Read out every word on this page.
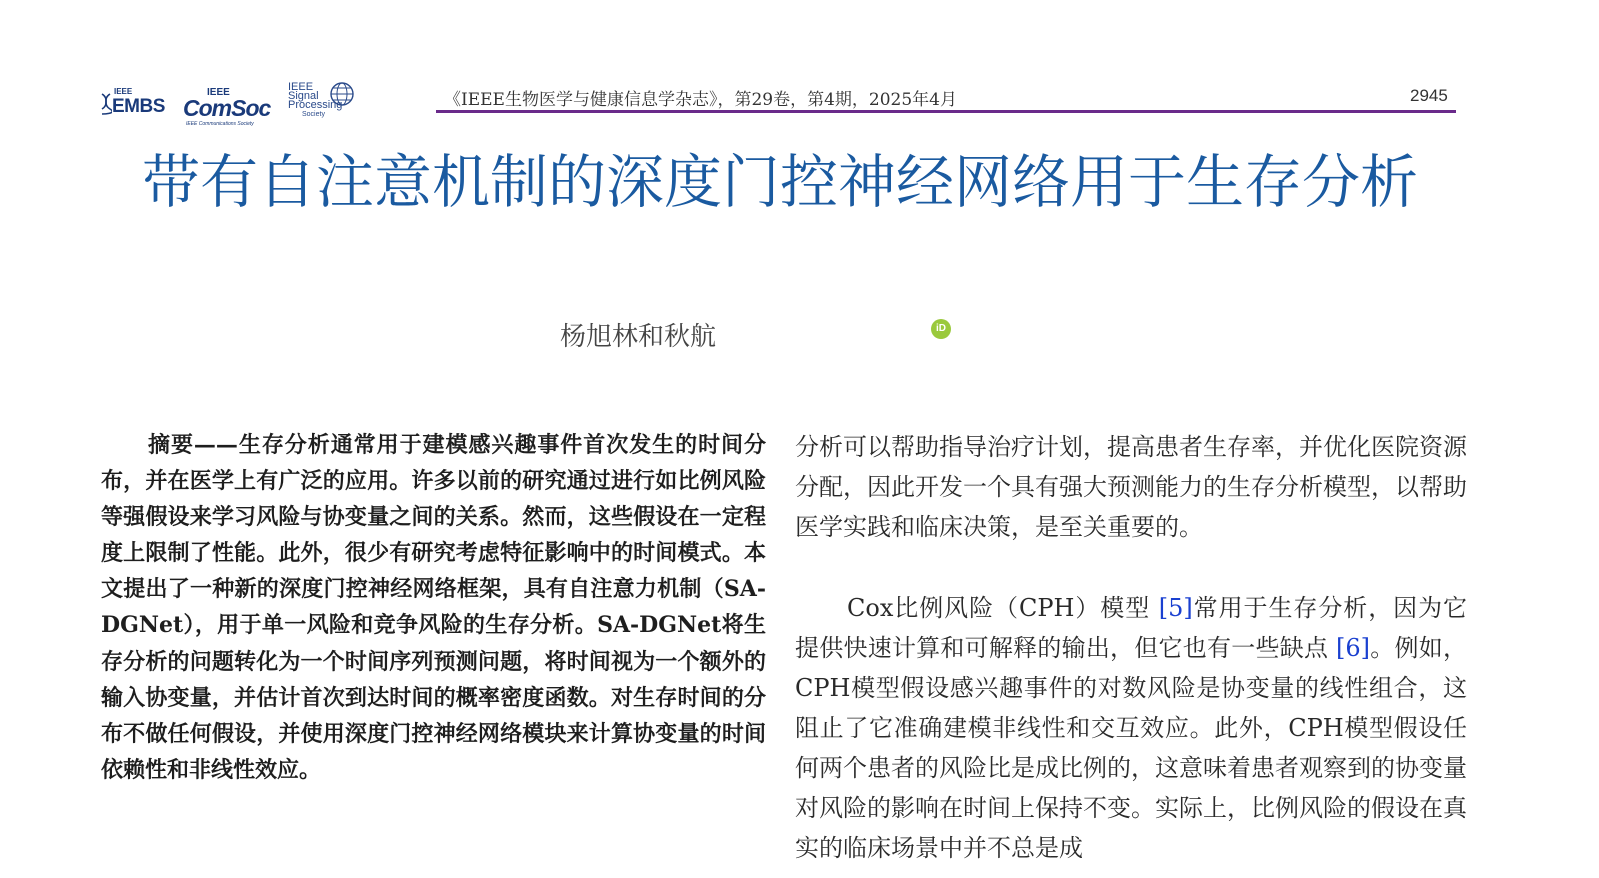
IEEE
EMBS
IEEE
ComSoc
IEEE Communications Society
IEEE
Signal
Processing
Society
《IEEE生物医学与健康信息学杂志》，第29卷，第4期，2025年4月	2945
带有自注意机制的深度门控神经网络用于生存分析
杨旭林和秋航	iD
摘要——生存分析通常用于建模感兴趣事件首次发生的时间分布，并在医学上有广泛的应用。许多以前的研究通过进行如比例风险等强假设来学习风险与协变量之间的关系。然而，这些假设在一定程度上限制了性能。此外，很少有研究考虑特征影响中的时间模式。本文提出了一种新的深度门控神经网络框架，具有自注意力机制（SA-DGNet），用于单一风险和竞争风险的生存分析。SA-DGNet将生存分析的问题转化为一个时间序列预测问题，将时间视为一个额外的输入协变量，并估计首次到达时间的概率密度函数。对生存时间的分布不做任何假设，并使用深度门控神经网络模块来计算协变量的时间依赖性和非线性效应。
分析可以帮助指导治疗计划，提高患者生存率，并优化医院资源分配，因此开发一个具有强大预测能力的生存分析模型，以帮助医学实践和临床决策，是至关重要的。
Cox比例风险（CPH）模型 [5]常用于生存分析，因为它提供快速计算和可解释的输出，但它也有一些缺点 [6]。例如，CPH模型假设感兴趣事件的对数风险是协变量的线性组合，这阻止了它准确建模非线性和交互效应。此外，CPH模型假设任何两个患者的风险比是成比例的，这意味着患者观察到的协变量对风险的影响在时间上保持不变。实际上，比例风险的假设在真实的临床场景中并不总是成
